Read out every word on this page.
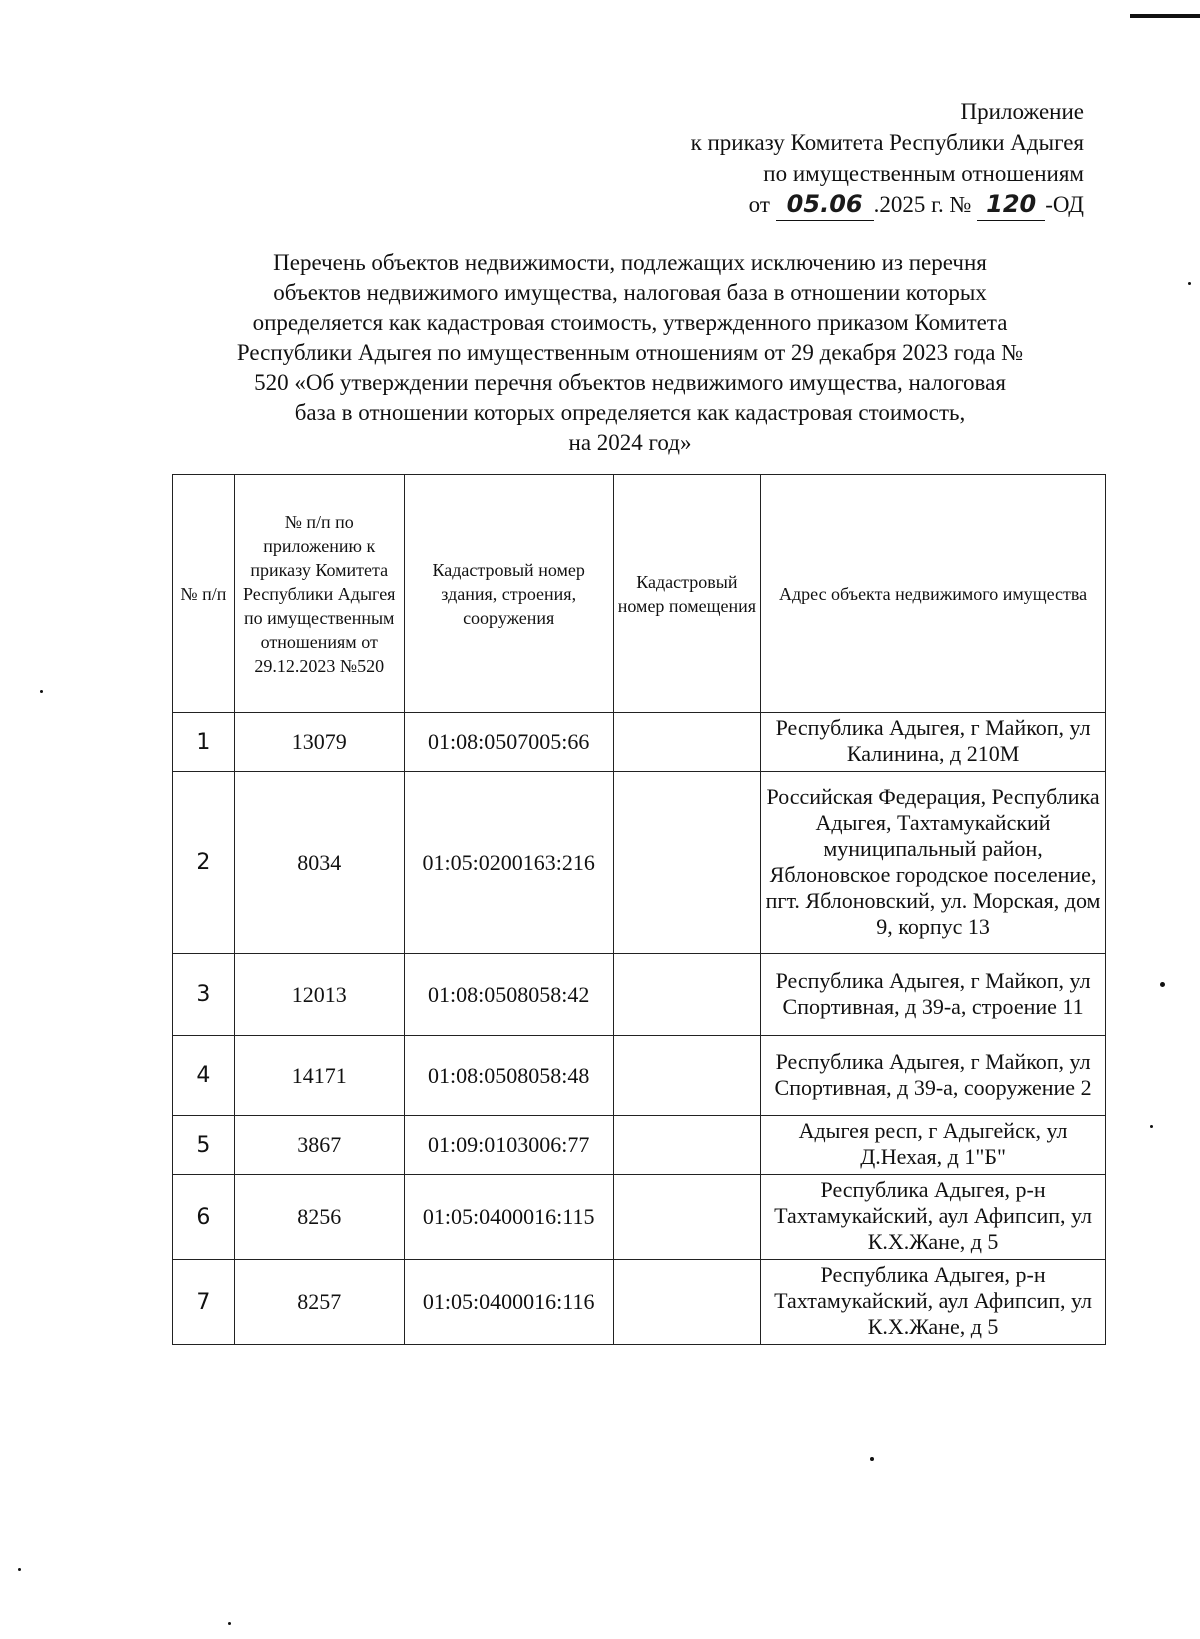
Приложение
к приказу Комитета Республики Адыгея
по имущественным отношениям
от 05.06 .2025 г. № 120 -ОД
Перечень объектов недвижимости, подлежащих исключению из перечня
объектов недвижимого имущества, налоговая база в отношении которых
определяется как кадастровая стоимость, утвержденного приказом Комитета
Республики Адыгея по имущественным отношениям от 29 декабря 2023 года №
520 «Об утверждении перечня объектов недвижимого имущества, налоговая
база в отношении которых определяется как кадастровая стоимость,
на 2024 год»
№ п/п	№ п/п по приложению к приказу Комитета Республики Адыгея по имущественным отношениям от 29.12.2023 №520	Кадастровый номер здания, строения, сооружения	Кадастровый номер помещения	Адрес объекта недвижимого имущества
1	13079	01:08:0507005:66		Республика Адыгея, г Майкоп, ул Калинина, д 210М
2	8034	01:05:0200163:216		Российская Федерация, Республика Адыгея, Тахтамукайский муниципальный район, Яблоновское городское поселение, пгт. Яблоновский, ул. Морская, дом 9, корпус 13
3	12013	01:08:0508058:42		Республика Адыгея, г Майкоп, ул Спортивная, д 39-а, строение 11
4	14171	01:08:0508058:48		Республика Адыгея, г Майкоп, ул Спортивная, д 39-а, сооружение 2
5	3867	01:09:0103006:77		Адыгея респ, г Адыгейск, ул Д.Нехая, д 1"Б"
6	8256	01:05:0400016:115		Республика Адыгея, р-н Тахтамукайский, аул Афипсип, ул К.Х.Жане, д 5
7	8257	01:05:0400016:116		Республика Адыгея, р-н Тахтамукайский, аул Афипсип, ул К.Х.Жане, д 5
